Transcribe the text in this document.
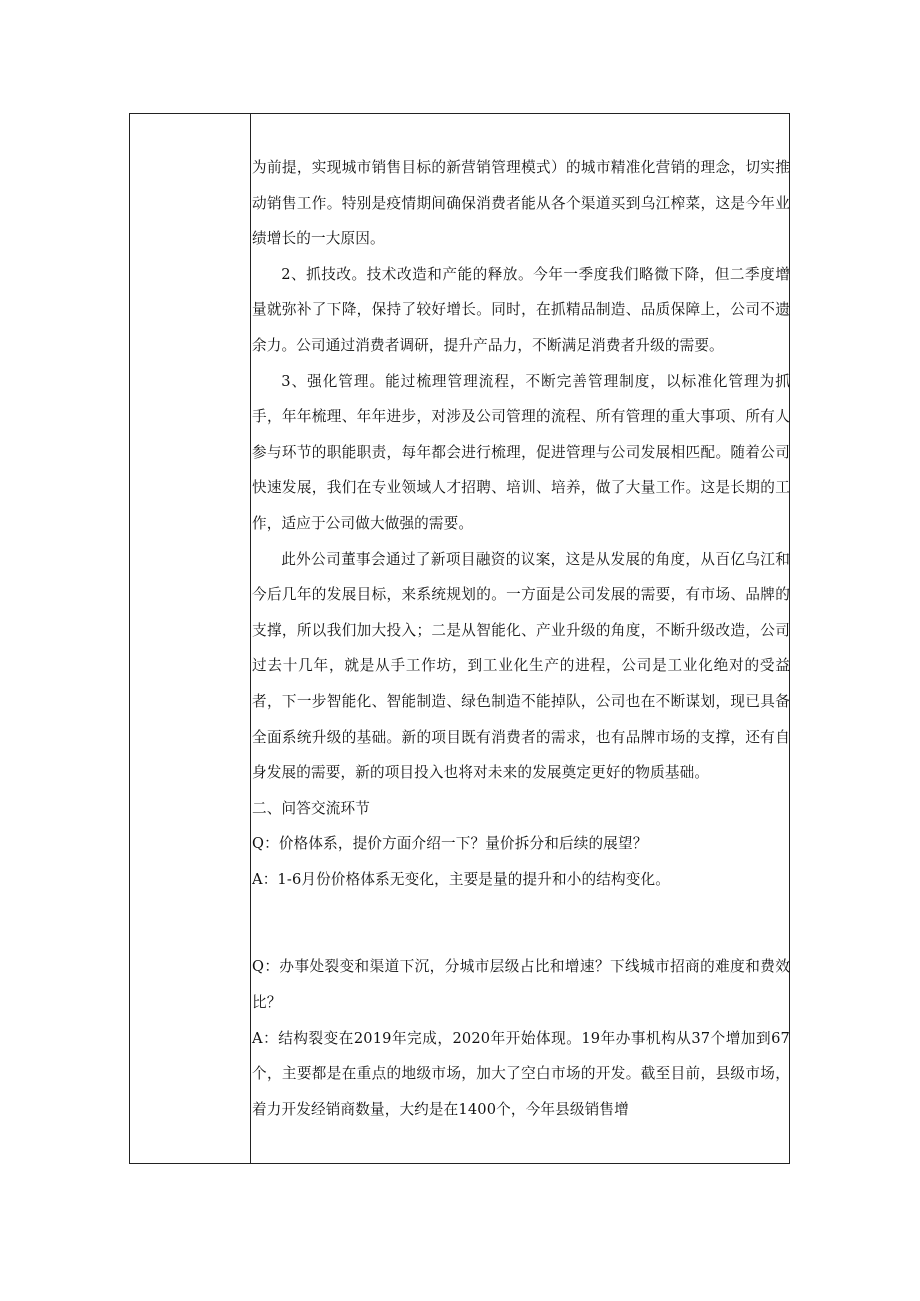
为前提，实现城市销售目标的新营销管理模式）的城市精准化营销的理念，切实推动销售工作。特别是疫情期间确保消费者能从各个渠道买到乌江榨菜，这是今年业绩增长的一大原因。

2、抓技改。技术改造和产能的释放。今年一季度我们略微下降，但二季度增量就弥补了下降，保持了较好增长。同时，在抓精品制造、品质保障上，公司不遗余力。公司通过消费者调研，提升产品力，不断满足消费者升级的需要。

3、强化管理。能过梳理管理流程，不断完善管理制度，以标准化管理为抓手，年年梳理、年年进步，对涉及公司管理的流程、所有管理的重大事项、所有人参与环节的职能职责，每年都会进行梳理，促进管理与公司发展相匹配。随着公司快速发展，我们在专业领域人才招聘、培训、培养，做了大量工作。这是长期的工作，适应于公司做大做强的需要。

此外公司董事会通过了新项目融资的议案，这是从发展的角度，从百亿乌江和今后几年的发展目标，来系统规划的。一方面是公司发展的需要，有市场、品牌的支撑，所以我们加大投入；二是从智能化、产业升级的角度，不断升级改造，公司过去十几年，就是从手工作坊，到工业化生产的进程，公司是工业化绝对的受益者，下一步智能化、智能制造、绿色制造不能掉队，公司也在不断谋划，现已具备全面系统升级的基础。新的项目既有消费者的需求，也有品牌市场的支撑，还有自身发展的需要，新的项目投入也将对未来的发展奠定更好的物质基础。

二、问答交流环节

Q：价格体系，提价方面介绍一下？量价拆分和后续的展望？

A：1-6月份价格体系无变化，主要是量的提升和小的结构变化。

Q：办事处裂变和渠道下沉，分城市层级占比和增速？下线城市招商的难度和费效比？

A：结构裂变在2019年完成，2020年开始体现。19年办事机构从37个增加到67个，主要都是在重点的地级市场，加大了空白市场的开发。截至目前，县级市场，着力开发经销商数量，大约是在1400个，今年县级销售增
